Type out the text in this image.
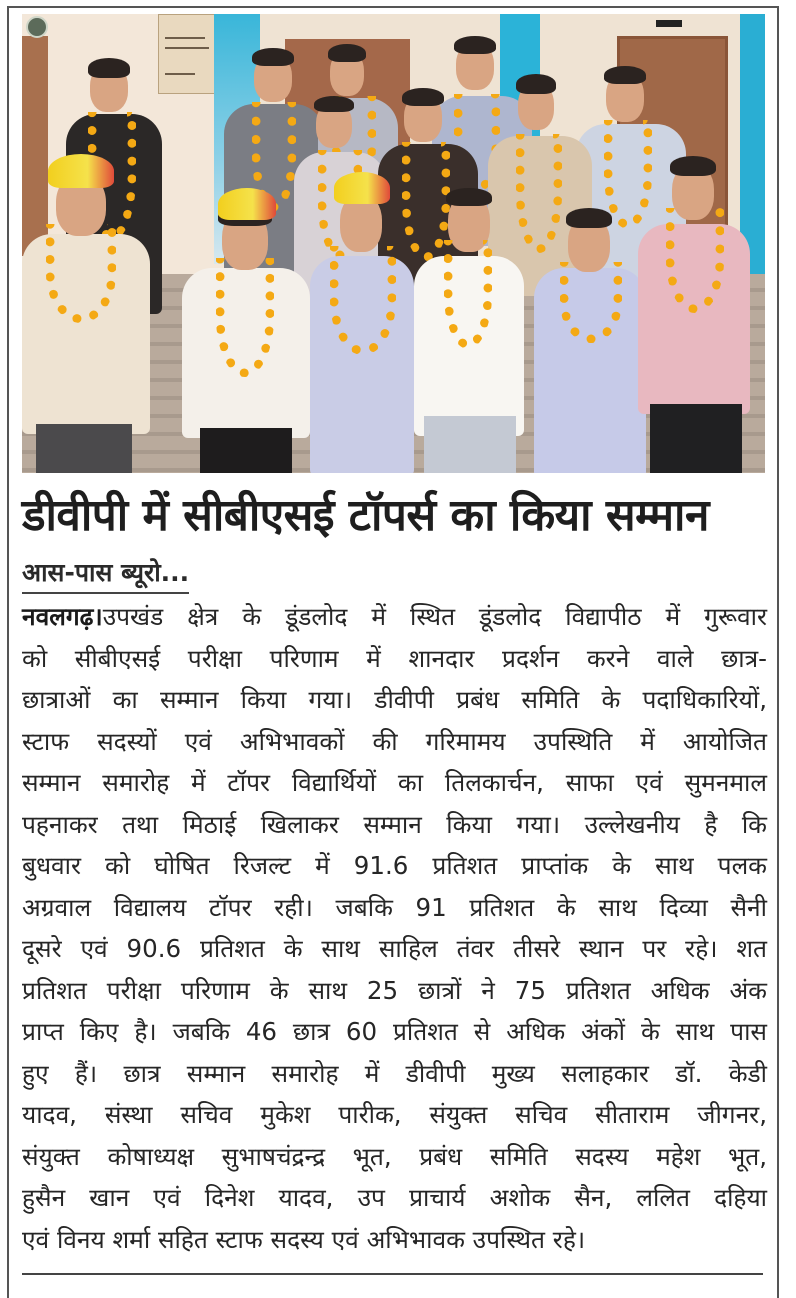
डीवीपी में सीबीएसई टॉपर्स का किया सम्मान
आस-पास ब्यूरो...
नवलगढ़।उपखंड क्षेत्र के डूंडलोद में स्थित डूंडलोद विद्यापीठ में गुरूवार
को सीबीएसई परीक्षा परिणाम में शानदार प्रदर्शन करने वाले छात्र-
छात्राओं का सम्मान किया गया। डीवीपी प्रबंध समिति के पदाधिकारियों,
स्टाफ सदस्यों एवं अभिभावकों की गरिमामय उपस्थिति में आयोजित
सम्मान समारोह में टॉपर विद्यार्थियों का तिलकार्चन, साफा एवं सुमनमाल
पहनाकर तथा मिठाई खिलाकर सम्मान किया गया। उल्लेखनीय है कि
बुधवार को घोषित रिजल्ट में 91.6 प्रतिशत प्राप्तांक के साथ पलक
अग्रवाल विद्यालय टॉपर रही। जबकि 91 प्रतिशत के साथ दिव्या सैनी
दूसरे एवं 90.6 प्रतिशत के साथ साहिल तंवर तीसरे स्थान पर रहे। शत
प्रतिशत परीक्षा परिणाम के साथ 25 छात्रों ने 75 प्रतिशत अधिक अंक
प्राप्त किए है। जबकि 46 छात्र 60 प्रतिशत से अधिक अंकों के साथ पास
हुए हैं। छात्र सम्मान समारोह में डीवीपी मुख्य सलाहकार डॉ. केडी
यादव, संस्था सचिव मुकेश पारीक, संयुक्त सचिव सीताराम जीगनर,
संयुक्त कोषाध्यक्ष सुभाषचंद्रन्द्र भूत, प्रबंध समिति सदस्य महेश भूत,
हुसैन खान एवं दिनेश यादव, उप प्राचार्य अशोक सैन, ललित दहिया
एवं विनय शर्मा सहित स्टाफ सदस्य एवं अभिभावक उपस्थित रहे।
